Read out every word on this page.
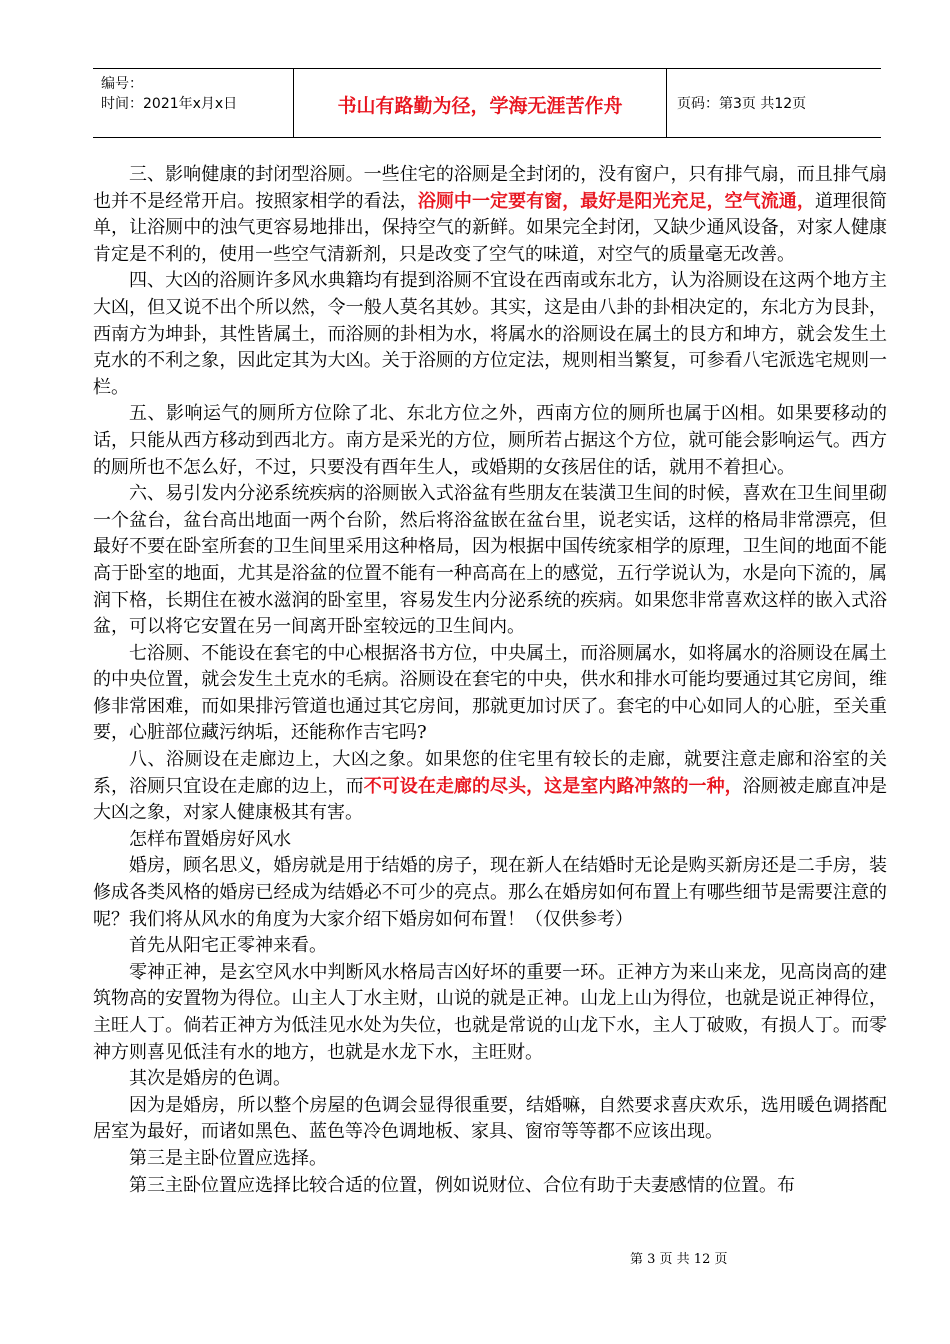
编号：
时间：2021年x月x日	书山有路勤为径，学海无涯苦作舟	页码：第3页 共12页

三、影响健康的封闭型浴厕。一些住宅的浴厕是全封闭的，没有窗户，只有排气扇，而且排气扇也并不是经常开启。按照家相学的看法，浴厕中一定要有窗，最好是阳光充足，空气流通，道理很简单，让浴厕中的浊气更容易地排出，保持空气的新鲜。如果完全封闭，又缺少通风设备，对家人健康肯定是不利的，使用一些空气清新剂，只是改变了空气的味道，对空气的质量毫无改善。

四、大凶的浴厕许多风水典籍均有提到浴厕不宜设在西南或东北方，认为浴厕设在这两个地方主大凶，但又说不出个所以然，令一般人莫名其妙。其实，这是由八卦的卦相决定的，东北方为艮卦，西南方为坤卦，其性皆属土，而浴厕的卦相为水，将属水的浴厕设在属土的艮方和坤方，就会发生土克水的不利之象，因此定其为大凶。关于浴厕的方位定法，规则相当繁复，可参看八宅派选宅规则一栏。

五、影响运气的厕所方位除了北、东北方位之外，西南方位的厕所也属于凶相。如果要移动的话，只能从西方移动到西北方。南方是采光的方位，厕所若占据这个方位，就可能会影响运气。西方的厕所也不怎么好，不过，只要没有酉年生人，或婚期的女孩居住的话，就用不着担心。

六、易引发内分泌系统疾病的浴厕嵌入式浴盆有些朋友在装潢卫生间的时候，喜欢在卫生间里砌一个盆台，盆台高出地面一两个台阶，然后将浴盆嵌在盆台里，说老实话，这样的格局非常漂亮，但最好不要在卧室所套的卫生间里采用这种格局，因为根据中国传统家相学的原理，卫生间的地面不能高于卧室的地面，尤其是浴盆的位置不能有一种高高在上的感觉，五行学说认为，水是向下流的，属润下格，长期住在被水滋润的卧室里，容易发生内分泌系统的疾病。如果您非常喜欢这样的嵌入式浴盆，可以将它安置在另一间离开卧室较远的卫生间内。

七浴厕、不能设在套宅的中心根据洛书方位，中央属土，而浴厕属水，如将属水的浴厕设在属土的中央位置，就会发生土克水的毛病。浴厕设在套宅的中央，供水和排水可能均要通过其它房间，维修非常困难，而如果排污管道也通过其它房间，那就更加讨厌了。套宅的中心如同人的心脏，至关重要，心脏部位藏污纳垢，还能称作吉宅吗?

八、浴厕设在走廊边上，大凶之象。如果您的住宅里有较长的走廊，就要注意走廊和浴室的关系，浴厕只宜设在走廊的边上，而不可设在走廊的尽头，这是室内路冲煞的一种，浴厕被走廊直冲是大凶之象，对家人健康极其有害。

怎样布置婚房好风水

婚房，顾名思义，婚房就是用于结婚的房子，现在新人在结婚时无论是购买新房还是二手房，装修成各类风格的婚房已经成为结婚必不可少的亮点。那么在婚房如何布置上有哪些细节是需要注意的呢？我们将从风水的角度为大家介绍下婚房如何布置！（仅供参考）

首先从阳宅正零神来看。

零神正神，是玄空风水中判断风水格局吉凶好坏的重要一环。正神方为来山来龙，见高岗高的建筑物高的安置物为得位。山主人丁水主财，山说的就是正神。山龙上山为得位，也就是说正神得位，主旺人丁。倘若正神方为低洼见水处为失位，也就是常说的山龙下水，主人丁破败，有损人丁。而零神方则喜见低洼有水的地方，也就是水龙下水，主旺财。

其次是婚房的色调。

因为是婚房，所以整个房屋的色调会显得很重要，结婚嘛，自然要求喜庆欢乐，选用暖色调搭配居室为最好，而诸如黑色、蓝色等冷色调地板、家具、窗帘等等都不应该出现。

第三是主卧位置应选择。

第三主卧位置应选择比较合适的位置，例如说财位、合位有助于夫妻感情的位置。布

第 3 页 共 12 页
